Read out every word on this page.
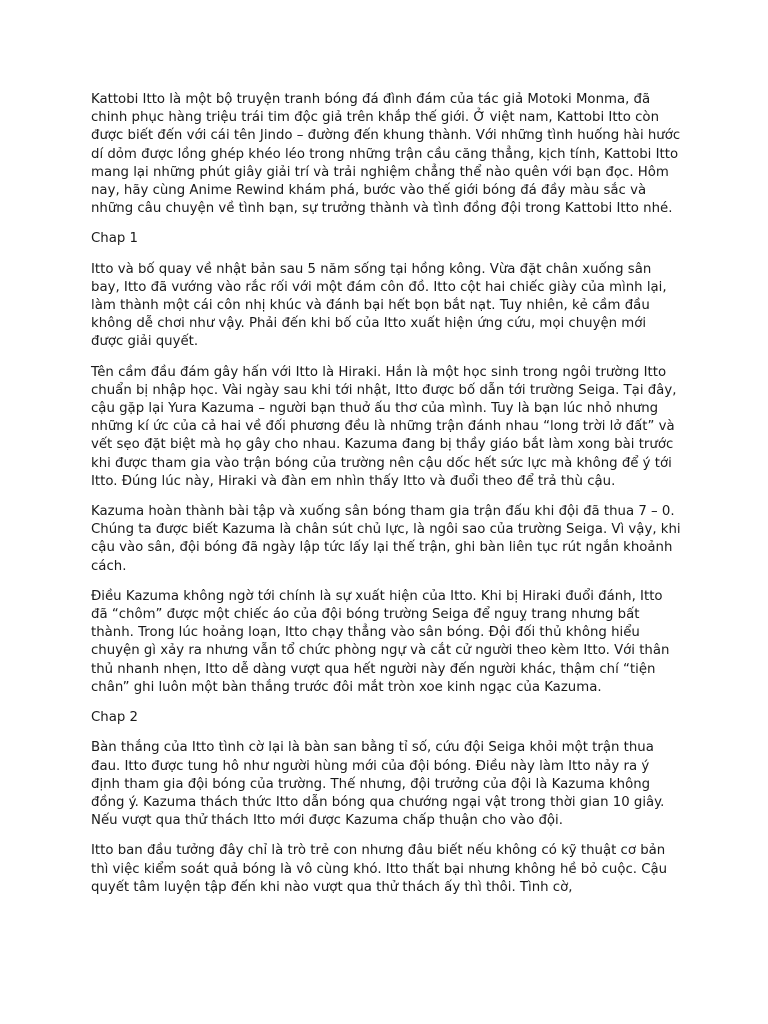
Kattobi Itto là một bộ truyện tranh bóng đá đình đám của tác giả Motoki Monma, đã chinh phục hàng triệu trái tim độc giả trên khắp thế giới. Ở việt nam, Kattobi Itto còn được biết đến với cái tên Jindo – đường đến khung thành. Với những tình huống hài hước dí dỏm được lồng ghép khéo léo trong những trận cầu căng thẳng, kịch tính, Kattobi Itto mang lại những phút giây giải trí và trải nghiệm chẳng thể nào quên với bạn đọc. Hôm nay, hãy cùng Anime Rewind khám phá, bước vào thế giới bóng đá đầy màu sắc và những câu chuyện về tình bạn, sự trưởng thành và tình đồng đội trong Kattobi Itto nhé.

Chap 1

Itto và bố quay về nhật bản sau 5 năm sống tại hồng kông. Vừa đặt chân xuống sân bay, Itto đã vướng vào rắc rối với một đám côn đồ. Itto cột hai chiếc giày của mình lại, làm thành một cái côn nhị khúc và đánh bại hết bọn bắt nạt. Tuy nhiên, kẻ cầm đầu không dễ chơi như vậy. Phải đến khi bố của Itto xuất hiện ứng cứu, mọi chuyện mới được giải quyết.

Tên cầm đầu đám gây hấn với Itto là Hiraki. Hắn là một học sinh trong ngôi trường Itto chuẩn bị nhập học. Vài ngày sau khi tới nhật, Itto được bố dẫn tới trường Seiga. Tại đây, cậu gặp lại Yura Kazuma – người bạn thuở ấu thơ của mình. Tuy là bạn lúc nhỏ nhưng những kí ức của cả hai về đối phương đều là những trận đánh nhau “long trời lở đất” và vết sẹo đặt biệt mà họ gây cho nhau. Kazuma đang bị thầy giáo bắt làm xong bài trước khi được tham gia vào trận bóng của trường nên cậu dốc hết sức lực mà không để ý tới Itto. Đúng lúc này, Hiraki và đàn em nhìn thấy Itto và đuổi theo để trả thù cậu.

Kazuma hoàn thành bài tập và xuống sân bóng tham gia trận đấu khi đội đã thua 7 – 0. Chúng ta được biết Kazuma là chân sút chủ lực, là ngôi sao của trường Seiga. Vì vậy, khi cậu vào sân, đội bóng đã ngày lập tức lấy lại thế trận, ghi bàn liên tục rút ngắn khoảnh cách.

Điều Kazuma không ngờ tới chính là sự xuất hiện của Itto. Khi bị Hiraki đuổi đánh, Itto đã “chôm” được một chiếc áo của đội bóng trường Seiga để nguỵ trang nhưng bất thành. Trong lúc hoảng loạn, Itto chạy thẳng vào sân bóng. Đội đối thủ không hiểu chuyện gì xảy ra nhưng vẫn tổ chức phòng ngự và cắt cử người theo kèm Itto. Với thân thủ nhanh nhẹn, Itto dễ dàng vượt qua hết người này đến người khác, thậm chí “tiện chân” ghi luôn một bàn thắng trước đôi mắt tròn xoe kinh ngạc của Kazuma.

Chap 2

Bàn thắng của Itto tình cờ lại là bàn san bằng tỉ số, cứu đội Seiga khỏi một trận thua đau. Itto được tung hô như người hùng mới của đội bóng. Điều này làm Itto nảy ra ý định tham gia đội bóng của trường. Thế nhưng, đội trưởng của đội là Kazuma không đồng ý. Kazuma thách thức Itto dẫn bóng qua chướng ngại vật trong thời gian 10 giây. Nếu vượt qua thử thách Itto mới được Kazuma chấp thuận cho vào đội.

Itto ban đầu tưởng đây chỉ là trò trẻ con nhưng đâu biết nếu không có kỹ thuật cơ bản thì việc kiểm soát quả bóng là vô cùng khó. Itto thất bại nhưng không hề bỏ cuộc. Cậu quyết tâm luyện tập đến khi nào vượt qua thử thách ấy thì thôi. Tình cờ,
